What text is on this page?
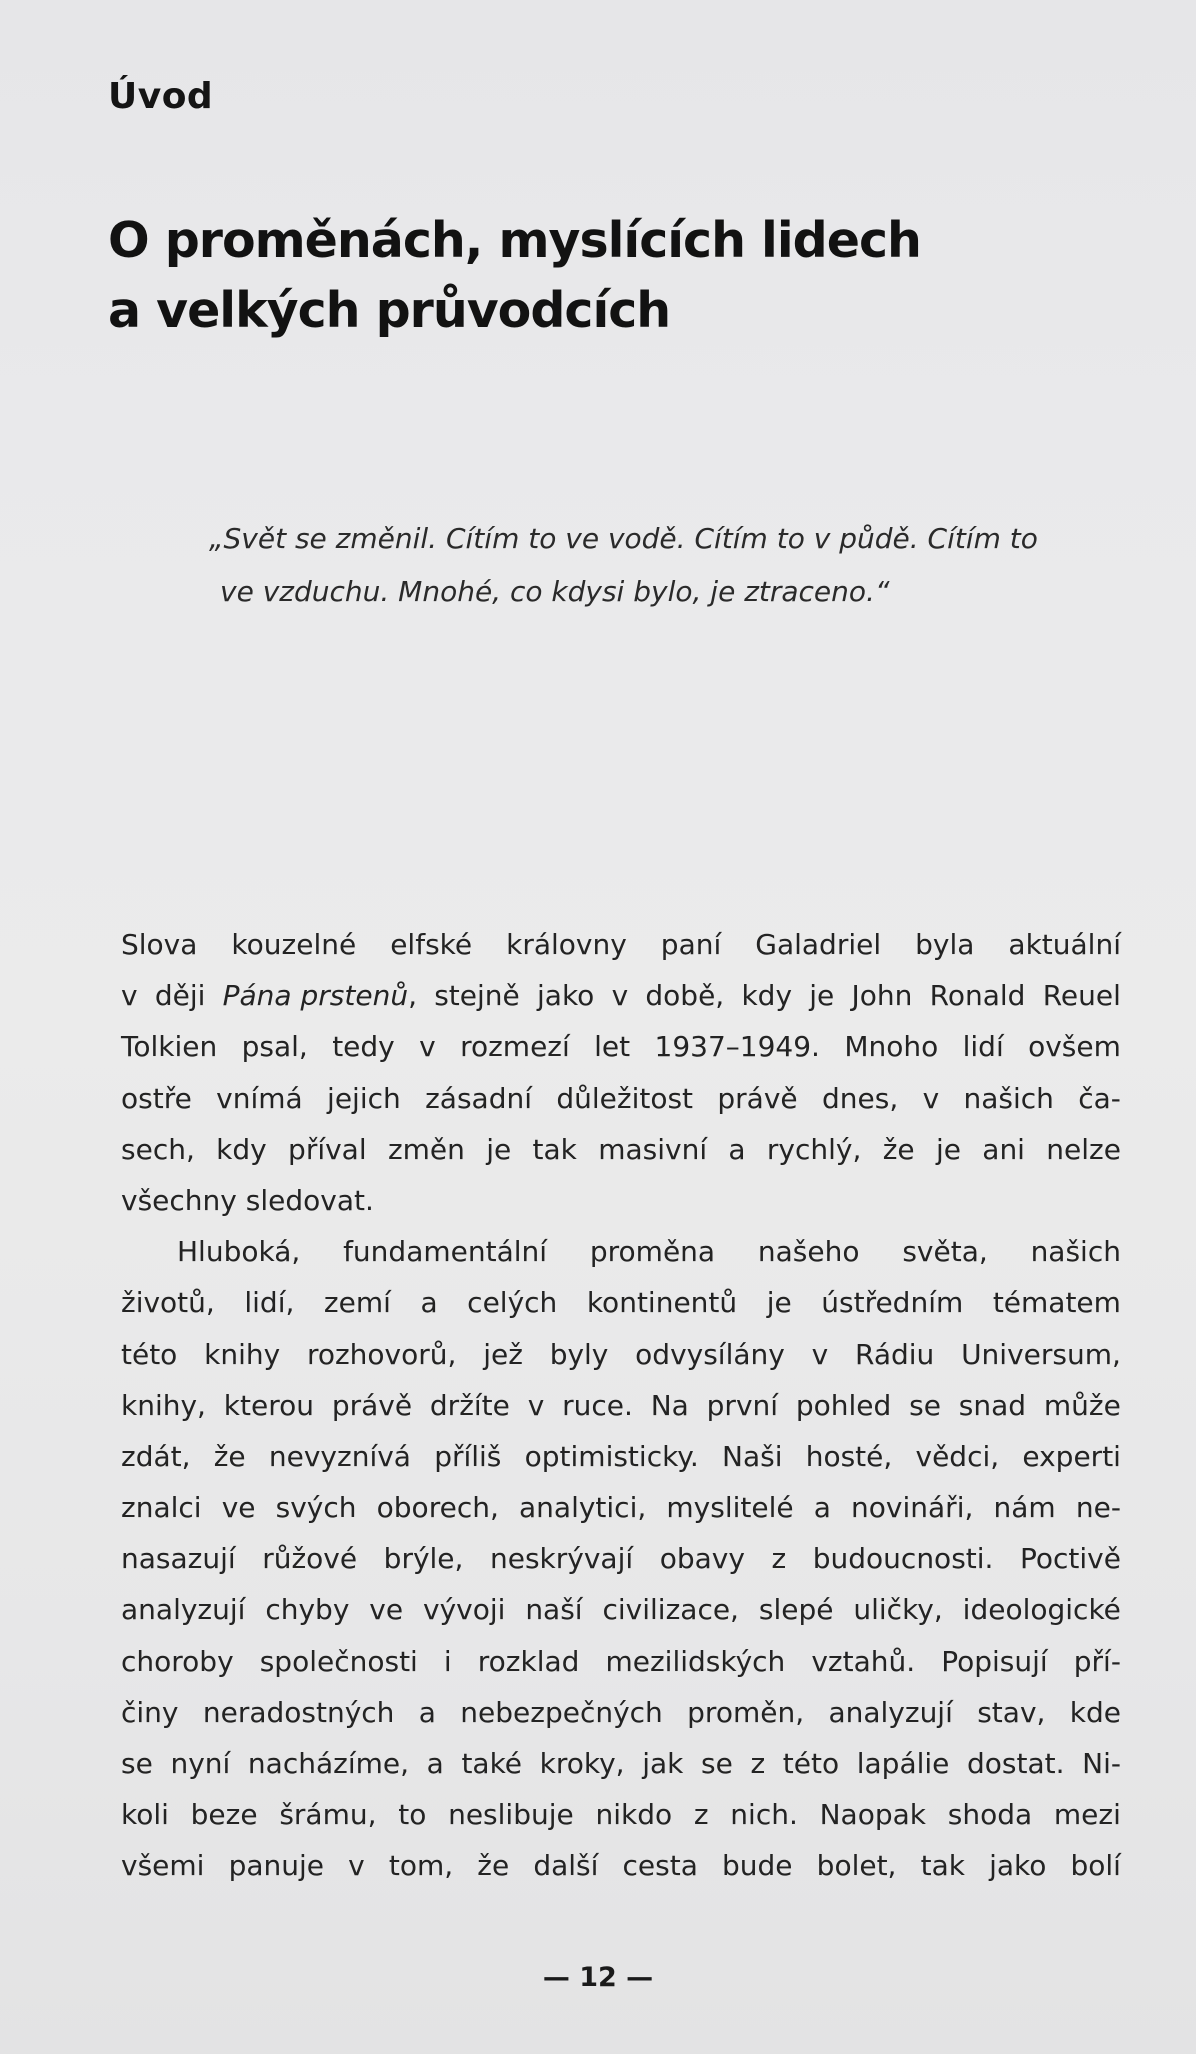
Úvod
O proměnách, myslících lidech
a velkých průvodcích
„Svět se změnil. Cítím to ve vodě. Cítím to v půdě. Cítím to
ve vzduchu. Mnohé, co kdysi bylo, je ztraceno.“
Slova kouzelné elfské královny paní Galadriel byla aktuální
v ději Pána prstenů, stejně jako v době, kdy je John Ronald Reuel
Tolkien psal, tedy v rozmezí let 1937–1949. Mnoho lidí ovšem
ostře vnímá jejich zásadní důležitost právě dnes, v našich ča-
sech, kdy příval změn je tak masivní a rychlý, že je ani nelze
všechny sledovat.
Hluboká, fundamentální proměna našeho světa, našich
životů, lidí, zemí a celých kontinentů je ústředním tématem
této knihy rozhovorů, jež byly odvysílány v Rádiu Universum,
knihy, kterou právě držíte v ruce. Na první pohled se snad může
zdát, že nevyznívá příliš optimisticky. Naši hosté, vědci, experti
znalci ve svých oborech, analytici, myslitelé a novináři, nám ne-
nasazují růžové brýle, neskrývají obavy z budoucnosti. Poctivě
analyzují chyby ve vývoji naší civilizace, slepé uličky, ideologické
choroby společnosti i rozklad mezilidských vztahů. Popisují pří-
činy neradostných a nebezpečných proměn, analyzují stav, kde
se nyní nacházíme, a také kroky, jak se z této lapálie dostat. Ni-
koli beze šrámu, to neslibuje nikdo z nich. Naopak shoda mezi
všemi panuje v tom, že další cesta bude bolet, tak jako bolí
— 12 —
